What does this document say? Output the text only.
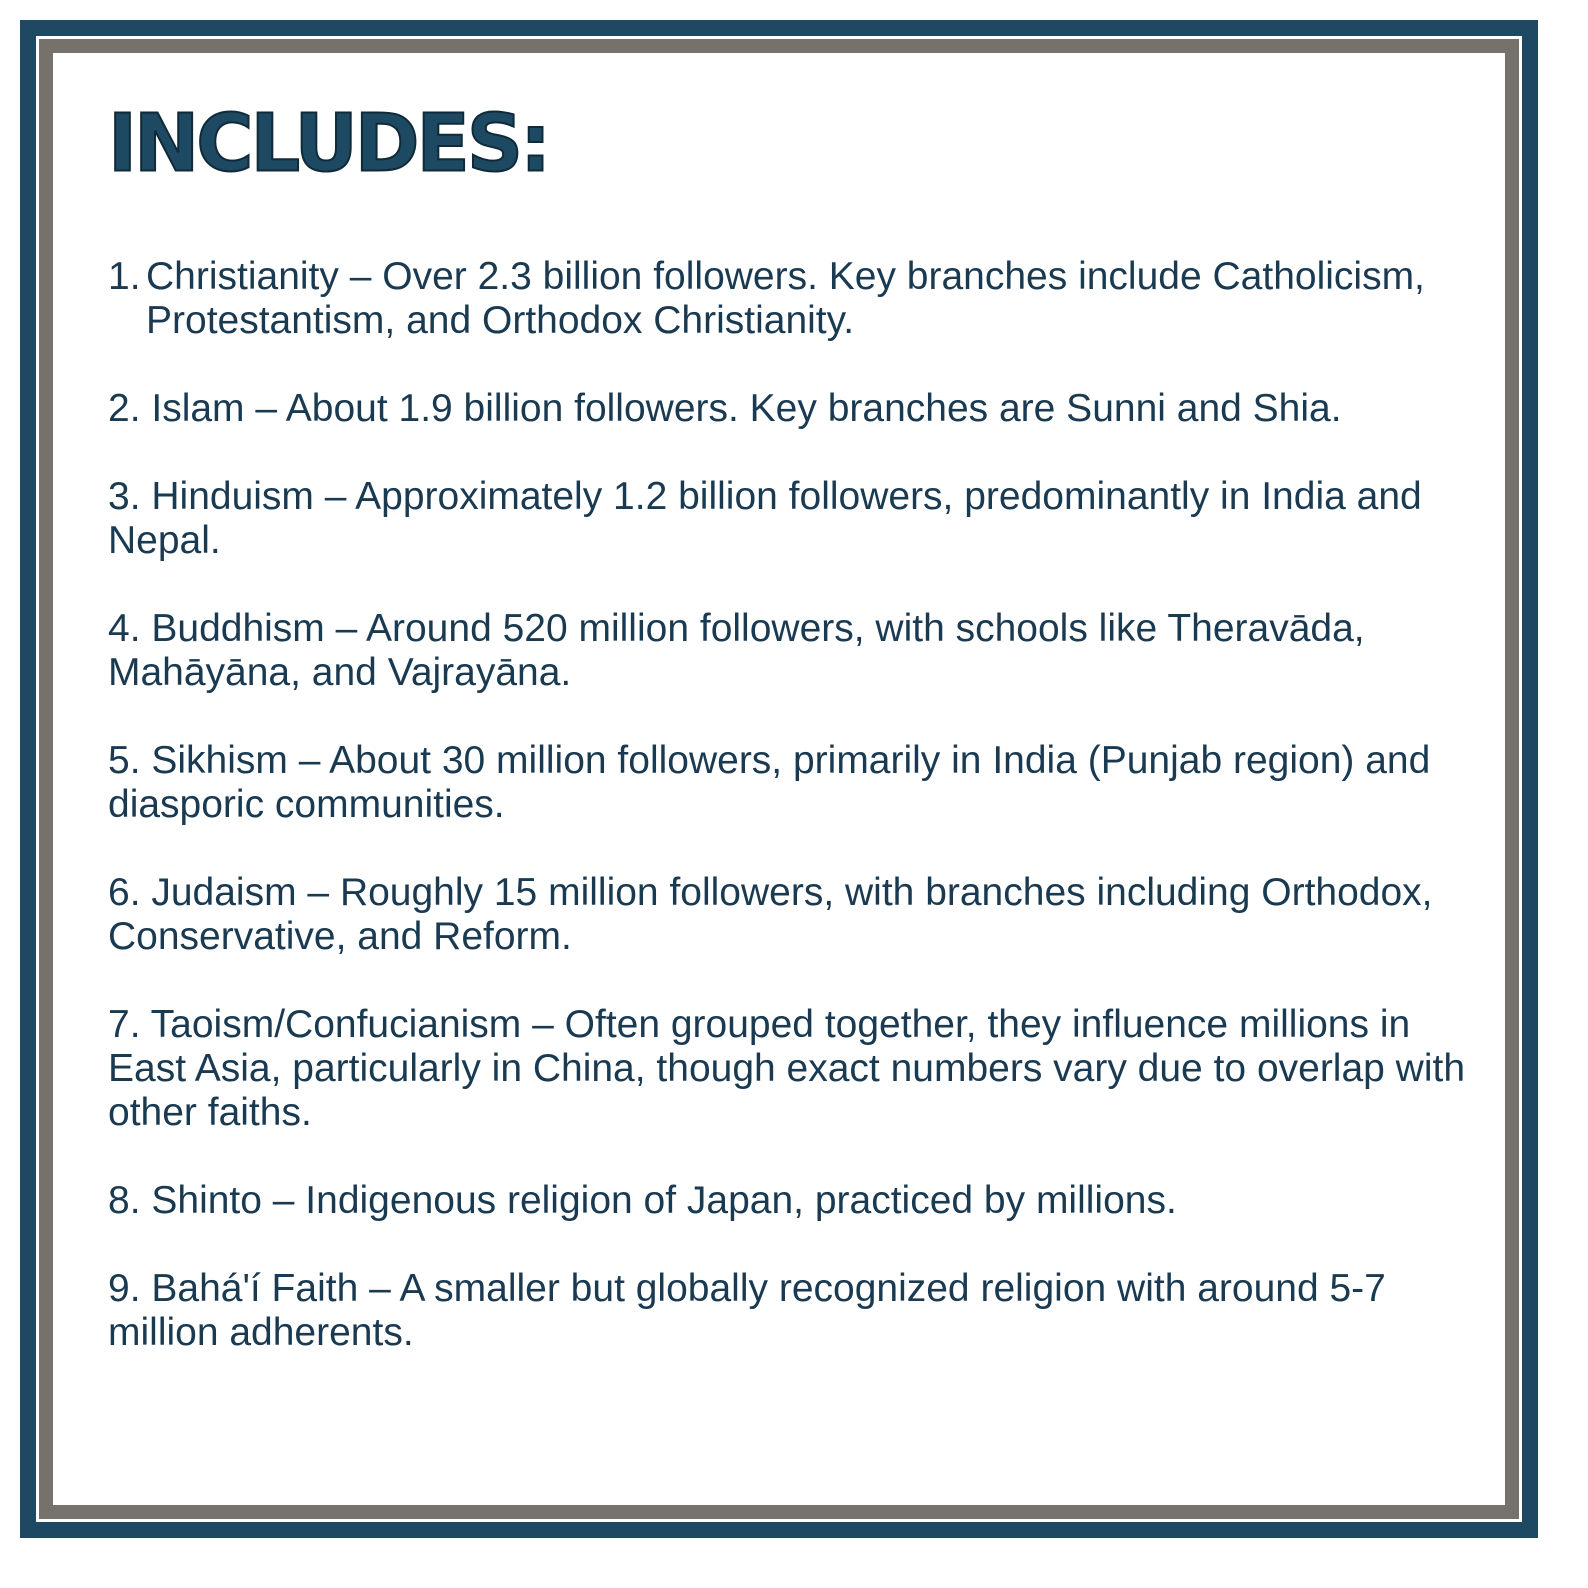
INCLUDES:
1. Christianity – Over 2.3 billion followers. Key branches include Catholicism, Protestantism, and Orthodox Christianity.
2. Islam – About 1.9 billion followers. Key branches are Sunni and Shia.
3. Hinduism – Approximately 1.2 billion followers, predominantly in India and Nepal.
4. Buddhism – Around 520 million followers, with schools like Theravāda, Mahāyāna, and Vajrayāna.
5. Sikhism – About 30 million followers, primarily in India (Punjab region) and diasporic communities.
6. Judaism – Roughly 15 million followers, with branches including Orthodox, Conservative, and Reform.
7. Taoism/Confucianism – Often grouped together, they influence millions in East Asia, particularly in China, though exact numbers vary due to overlap with other faiths.
8. Shinto – Indigenous religion of Japan, practiced by millions.
9. Bahá'í Faith – A smaller but globally recognized religion with around 5-7 million adherents.
